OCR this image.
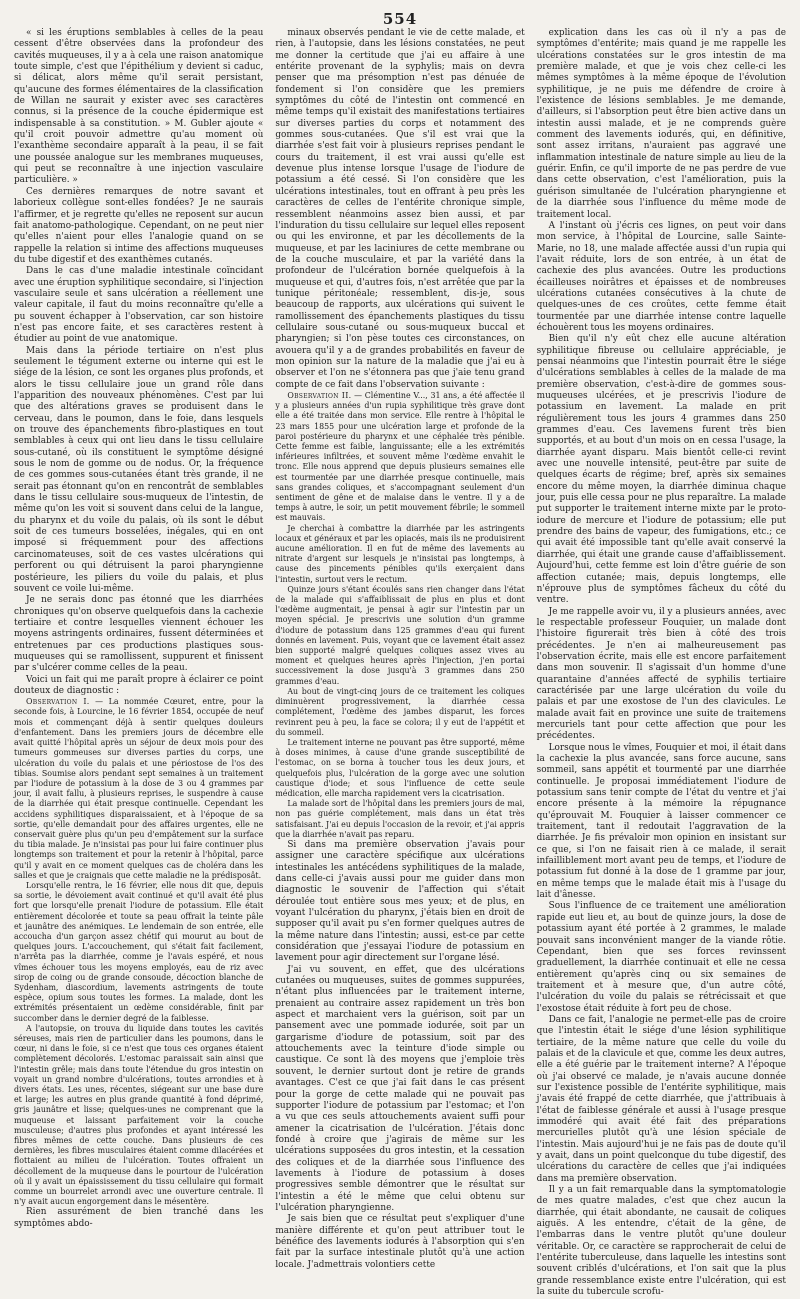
554

« si les éruptions semblables à celles de la peau cessent d'être observées dans la profondeur des cavités muqueuses, il y a à cela une raison anatomique toute simple, c'est que l'épithélium y devient si caduc, si délicat, alors même qu'il serait persistant, qu'aucune des formes élémentaires de la classification de Willan ne saurait y exister avec ses caractères connus, si la présence de la couche épidermique est indispensable à sa constitution. » M. Gubler ajoute « qu'il croit pouvoir admettre qu'au moment où l'exanthème secondaire apparaît à la peau, il se fait une poussée analogue sur les membranes muqueuses, qui peut se reconnaître à une injection vasculaire particulière. »

Ces dernières remarques de notre savant et laborieux collègue sont-elles fondées? Je ne saurais l'affirmer, et je regrette qu'elles ne reposent sur aucun fait anatomo-pathologique. Cependant, on ne peut nier qu'elles n'aient pour elles l'analogie quand on se rappelle la relation si intime des affections muqueuses du tube digestif et des exanthèmes cutanés.

Dans le cas d'une maladie intestinale coïncidant avec une éruption syphilitique secondaire, si l'injection vasculaire seule et sans ulcération a réellement une valeur capitale, il faut du moins reconnaître qu'elle a pu souvent échapper à l'observation, car son histoire n'est pas encore faite, et ses caractères restent à étudier au point de vue anatomique.

Mais dans la période tertiaire on n'est plus seulement le tégument externe ou interne qui est le siége de la lésion, ce sont les organes plus profonds, et alors le tissu cellulaire joue un grand rôle dans l'apparition des nouveaux phénomènes. C'est par lui que des altérations graves se produisent dans le cerveau, dans le poumon, dans le foie, dans lesquels on trouve des épanchements fibro-plastiques en tout semblables à ceux qui ont lieu dans le tissu cellulaire sous-cutané, où ils constituent le symptôme désigné sous le nom de gomme ou de nodus. Or, la fréquence de ces gommes sous-cutanées étant très grande, il ne serait pas étonnant qu'on en rencontrât de semblables dans le tissu cellulaire sous-muqueux de l'intestin, de même qu'on les voit si souvent dans celui de la langue, du pharynx et du voile du palais, où ils sont le début soit de ces tumeurs bosselées, inégales, qui en ont imposé si fréquemment pour des affections carcinomateuses, soit de ces vastes ulcérations qui perforent ou qui détruisent la paroi pharyngienne postérieure, les piliers du voile du palais, et plus souvent ce voile lui-même.

Je ne serais donc pas étonné que les diarrhées chroniques qu'on observe quelquefois dans la cachexie tertiaire et contre lesquelles viennent échouer les moyens astringents ordinaires, fussent déterminées et entretenues par ces productions plastiques sous-muqueuses qui se ramollissent, suppurent et finissent par s'ulcérer comme celles de la peau.

Voici un fait qui me paraît propre à éclairer ce point douteux de diagnostic :

Observation I. — La nommée Cœuret, entre, pour la seconde fois, à Lourcine, le 16 février 1854, occupée de neuf mois et commençant déjà à sentir quelques douleurs d'enfantement. Dans les premiers jours de décembre elle avait quitté l'hôpital après un séjour de deux mois pour des tumeurs gommeuses sur diverses parties du corps, une ulcération du voile du palais et une périostose de l'os des tibias. Soumise alors pendant sept semaines à un traitement par l'iodure de potassium à la dose de 3 ou 4 grammes par jour, il avait fallu, à plusieurs reprises, le suspendre à cause de la diarrhée qui était presque continuelle. Cependant les accidens syphilitiques disparaissaient, et à l'époque de sa sortie, qu'elle demandait pour des affaires urgentes, elle ne conservait guère plus qu'un peu d'empâtement sur la surface du tibia malade. Je n'insistai pas pour lui faire continuer plus longtemps son traitement et pour la retenir à l'hôpital, parce qu'il y avait en ce moment quelques cas de choléra dans les salles et que je craignais que cette maladie ne la prédisposât.

Lorsqu'elle rentra, le 16 février, elle nous dit que, depuis sa sortie, le dévoiement avait continué et qu'il avait été plus fort que lorsqu'elle prenait l'iodure de potassium. Elle était entièrement décolorée et toute sa peau offrait la teinte pâle et jaunâtre des anémiques. Le lendemain de son entrée, elle accoucha d'un garçon assez chétif qui mourut au bout de quelques jours. L'accouchement, qui s'était fait facilement, n'arrêta pas la diarrhée, comme je l'avais espéré, et nous vîmes échouer tous les moyens employés, eau de riz avec sirop de coing ou de grande consoude, décoction blanche de Sydenham, diascordium, lavements astringents de toute espèce, opium sous toutes les formes. La malade, dont les extrémités présentaient un œdème considérable, finit par succomber dans le dernier degré de la faiblesse.

A l'autopsie, on trouva du liquide dans toutes les cavités séreuses, mais rien de particulier dans les poumons, dans le cœur, ni dans le foie, si ce n'est que tous ces organes étaient complètement décolorés. L'estomac paraissait sain ainsi que l'intestin grêle; mais dans toute l'étendue du gros intestin on voyait un grand nombre d'ulcérations, toutes arrondies et à divers états. Les unes, récentes, siégeant sur une base dure et large; les autres en plus grande quantité à fond déprimé, gris jaunâtre et lisse; quelques-unes ne comprenant que la muqueuse et laissant parfaitement voir la couche musculeuse; d'autres plus profondes et ayant intéressé les fibres mêmes de cette couche. Dans plusieurs de ces dernières, les fibres musculaires étaient comme dilacérées et flottaient au milieu de l'ulcération. Toutes offraient un décollement de la muqueuse dans le pourtour de l'ulcération où il y avait un épaississement du tissu cellulaire qui formait comme un bourrelet arrondi avec une ouverture centrale. Il n'y avait aucun engorgement dans le mésentère.

Rien assurément de bien tranché dans les symptômes abdo-

minaux observés pendant le vie de cette malade, et rien, à l'autopsie, dans les lésions constatées, ne peut me donner la certitude que j'ai eu affaire à une entérite provenant de la syphylis; mais on devra penser que ma présomption n'est pas dénuée de fondement si l'on considère que les premiers symptômes du côté de l'intestin ont commencé en même temps qu'il existait des manifestations tertiaires sur diverses parties du corps et notamment des gommes sous-cutanées. Que s'il est vrai que la diarrhée s'est fait voir à plusieurs reprises pendant le cours du traitement, il est vrai aussi qu'elle est devenue plus intense lorsque l'usage de l'iodure de potassium a été cessé. Si l'on considère que les ulcérations intestinales, tout en offrant à peu près les caractères de celles de l'entérite chronique simple, ressemblent néanmoins assez bien aussi, et par l'induration du tissu cellulaire sur lequel elles reposent ou qui les environne, et par les décollements de la muqueuse, et par les laciniures de cette membrane ou de la couche musculaire, et par la variété dans la profondeur de l'ulcération bornée quelquefois à la muqueuse et qui, d'autres fois, n'est arrêtée que par la tunique péritonéale; ressemblent, dis-je, sous beaucoup de rapports, aux ulcérations qui suivent le ramollissement des épanchements plastiques du tissu cellulaire sous-cutané ou sous-muqueux buccal et pharyngien; si l'on pèse toutes ces circonstances, on avouera qu'il y a de grandes probabilités en faveur de mon opinion sur la nature de la maladie que j'ai eu à observer et l'on ne s'étonnera pas que j'aie tenu grand compte de ce fait dans l'observation suivante :

Observation II. — Clémentine V..., 31 ans, a été affectée il y a plusieurs années d'un rupia syphilitique très grave dont elle a été traitée dans mon service. Elle rentre à l'hôpital le 23 mars 1855 pour une ulcération large et profonde de la paroi postérieure du pharynx et une céphalée très pénible. Cette femme est faible, languissante; elle a les extrémités inférieures infiltrées, et souvent même l'œdème envahit le tronc. Elle nous apprend que depuis plusieurs semaines elle est tourmentée par une diarrhée presque continuelle, mais sans grandes coliques, et s'accompagnant seulement d'un sentiment de gêne et de malaise dans le ventre. Il y a de temps à autre, le soir, un petit mouvement fébrile; le sommeil est mauvais.

Je cherchai à combattre la diarrhée par les astringents locaux et généraux et par les opiacés, mais ils ne produisirent aucune amélioration. Il en fut de même des lavements au nitrate d'argent sur lesquels je n'insistai pas longtemps, à cause des pincements pénibles qu'ils exerçaient dans l'intestin, surtout vers le rectum.

Quinze jours s'étant écoulés sans rien changer dans l'état de la malade qui s'affaiblissait de plus en plus et dont l'œdème augmentait, je pensai à agir sur l'intestin par un moyen spécial. Je prescrivis une solution d'un gramme d'iodure de potassium dans 125 grammes d'eau qui furent donnés en lavement. Puis, voyant que ce lavement était assez bien supporté malgré quelques coliques assez vives au moment et quelques heures après l'injection, j'en portai successivement la dose jusqu'à 3 grammes dans 250 grammes d'eau.

Au bout de vingt-cinq jours de ce traitement les coliques diminuèrent progressivement, la diarrhée cessa complétement, l'œdème des jambes disparut, les forces revinrent peu à peu, la face se colora; il y eut de l'appétit et du sommeil.

Le traitement interne ne pouvant pas être supporté, même à doses minimes, à cause d'une grande susceptibilité de l'estomac, on se borna à toucher tous les deux jours, et quelquefois plus, l'ulcération de la gorge avec une solution caustique d'iode; et sous l'influence de cette seule médication, elle marcha rapidement vers la cicatrisation.

La malade sort de l'hôpital dans les premiers jours de mai, non pas guérie complétement, mais dans un état très satisfaisant. J'ai eu depuis l'occasion de la revoir, et j'ai appris que la diarrhée n'avait pas reparu.

Si dans ma première observation j'avais pour assigner une caractère spécifique aux ulcérations intestinales les antécédens syphilitiques de la malade, dans celle-ci j'avais aussi pour me guider dans mon diagnostic le souvenir de l'affection qui s'était déroulée tout entière sous mes yeux; et de plus, en voyant l'ulcération du pharynx, j'étais bien en droit de supposer qu'il avait pu s'en former quelques autres de la même nature dans l'intestin; aussi, est-ce par cette considération que j'essayai l'iodure de potassium en lavement pour agir directement sur l'organe lésé.

J'ai vu souvent, en effet, que des ulcérations cutanées ou muqueuses, suites de gommes suppurées, n'étant plus influencées par le traitement interne, prenaient au contraire assez rapidement un très bon aspect et marchaient vers la guérison, soit par un pansement avec une pommade iodurée, soit par un gargarisme d'iodure de potassium, soit par des attouchements avec la teinture d'iode simple ou caustique. Ce sont là des moyens que j'emploie très souvent, le dernier surtout dont je retire de grands avantages. C'est ce que j'ai fait dans le cas présent pour la gorge de cette malade qui ne pouvait pas supporter l'iodure de potassium par l'estomac; et l'on a vu que ces seuls attouchements avaient suffi pour amener la cicatrisation de l'ulcération. J'étais donc fondé à croire que j'agirais de même sur les ulcérations supposées du gros intestin, et la cessation des coliques et de la diarrhée sous l'influence des lavements à l'iodure de potassium à doses progressives semble démontrer que le résultat sur l'intestin a été le même que celui obtenu sur l'ulcération pharyngienne.

Je sais bien que ce résultat peut s'expliquer d'une manière différente et qu'on peut attribuer tout le bénéfice des lavements iodurés à l'absorption qui s'en fait par la surface intestinale plutôt qu'à une action locale. J'admettrais volontiers cette

explication dans les cas où il n'y a pas de symptômes d'entérite; mais quand je me rappelle les ulcérations constatées sur le gros intestin de ma première malade, et que je vois chez celle-ci les mêmes symptômes à la même époque de l'évolution syphilitique, je ne puis me défendre de croire à l'existence de lésions semblables. Je me demande, d'ailleurs, si l'absorption peut être bien active dans un intestin aussi malade, et je ne comprends guère comment des lavements iodurés, qui, en définitive, sont assez irritans, n'auraient pas aggravé une inflammation intestinale de nature simple au lieu de la guérir. Enfin, ce qu'il importe de ne pas perdre de vue dans cette observation, c'est l'amélioration, puis la guérison simultanée de l'ulcération pharyngienne et de la diarrhée sous l'influence du même mode de traitement local.

A l'instant où j'écris ces lignes, on peut voir dans mon service, à l'hôpital de Lourcine, salle Sainte-Marie, no 18, une malade affectée aussi d'un rupia qui l'avait réduite, lors de son entrée, à un état de cachexie des plus avancées. Outre les productions écailleuses noirâtres et épaisses et de nombreuses ulcérations cutanées consécutives à la chute de quelques-unes de ces croûtes, cette femme était tourmentée par une diarrhée intense contre laquelle échouèrent tous les moyens ordinaires.

Bien qu'il n'y eût chez elle aucune altération syphilitique fibreuse ou cellulaire appréciable, je pensai néanmoins que l'intestin pourrait être le siége d'ulcérations semblables à celles de la malade de ma première observation, c'est-à-dire de gommes sous-muqueuses ulcérées, et je prescrivis l'iodure de potassium en lavement. La malade en prit régulièrement tous les jours 4 grammes dans 250 grammes d'eau. Ces lavemens furent très bien supportés, et au bout d'un mois on en cessa l'usage, la diarrhée ayant disparu. Mais bientôt celle-ci revint avec une nouvelle intensité, peut-être par suite de quelques écarts de régime; bref, après six semaines encore du même moyen, la diarrhée diminua chaque jour, puis elle cessa pour ne plus reparaître. La malade put supporter le traitement interne mixte par le proto-iodure de mercure et l'iodure de potassium; elle put prendre des bains de vapeur, des fumigations, etc.; ce qui avait été impossible tant qu'elle avait conservé la diarrhée, qui était une grande cause d'affaiblissement. Aujourd'hui, cette femme est loin d'être guérie de son affection cutanée; mais, depuis longtemps, elle n'éprouve plus de symptômes fâcheux du côté du ventre.

Je me rappelle avoir vu, il y a plusieurs années, avec le respectable professeur Fouquier, un malade dont l'histoire figurerait très bien à côté des trois précédentes. Je n'en ai malheureusement pas l'observation écrite, mais elle est encore parfaitement dans mon souvenir. Il s'agissait d'un homme d'une quarantaine d'années affecté de syphilis tertiaire caractérisée par une large ulcération du voile du palais et par une exostose de l'un des clavicules. Le malade avait fait en province une suite de traitemens mercuriels tant pour cette affection que pour les précédentes.

Lorsque nous le vîmes, Fouquier et moi, il était dans la cachexie la plus avancée, sans force aucune, sans sommeil, sans appétit et tourmenté par une diarrhée continuelle. Je proposai immédiatement l'iodure de potassium sans tenir compte de l'état du ventre et j'ai encore présente à la mémoire la répugnance qu'éprouvait M. Fouquier à laisser commencer ce traitement, tant il redoutait l'aggravation de la diarrhée. Je fis prévaloir mon opinion en insistant sur ce que, si l'on ne faisait rien à ce malade, il serait infailliblement mort avant peu de temps, et l'iodure de potassium fut donné à la dose de 1 gramme par jour, en même temps que le malade était mis à l'usage du lait d'ânesse.

Sous l'influence de ce traitement une amélioration rapide eut lieu et, au bout de quinze jours, la dose de potassium ayant été portée à 2 grammes, le malade pouvait sans inconvénient manger de la viande rôtie. Cependant, bien que ses forces revinssent graduellement, la diarrhée continuait et elle ne cessa entièrement qu'après cinq ou six semaines de traitement et à mesure que, d'un autre côté, l'ulcération du voile du palais se rétrécissait et que l'exostose était réduite à fort peu de chose.

Dans ce fait, l'analogie ne permet-elle pas de croire que l'intestin était le siége d'une lésion syphilitique tertiaire, de la même nature que celle du voile du palais et de la clavicule et que, comme les deux autres, elle a été guérie par le traitement interne? A l'époque où j'ai observé ce malade, je n'avais aucune donnée sur l'existence possible de l'entérite syphilitique, mais j'avais été frappé de cette diarrhée, que j'attribuais à l'état de faiblesse générale et aussi à l'usage presque immodéré qui avait été fait des préparations mercurielles plutôt qu'à une lésion spéciale de l'intestin. Mais aujourd'hui je ne fais pas de doute qu'il y avait, dans un point quelconque du tube digestif, des ulcérations du caractère de celles que j'ai indiquées dans ma première observation.

Il y a un fait remarquable dans la symptomatologie de mes quatre malades, c'est que chez aucun la diarrhée, qui était abondante, ne causait de coliques aiguës. A les entendre, c'était de la gêne, de l'embarras dans le ventre plutôt qu'une douleur véritable. Or, ce caractère se rapprocherait de celui de l'entérite tuberculeuse, dans laquelle les intestins sont souvent criblés d'ulcérations, et l'on sait que la plus grande ressemblance existe entre l'ulcération, qui est la suite du tubercule scrofu-
